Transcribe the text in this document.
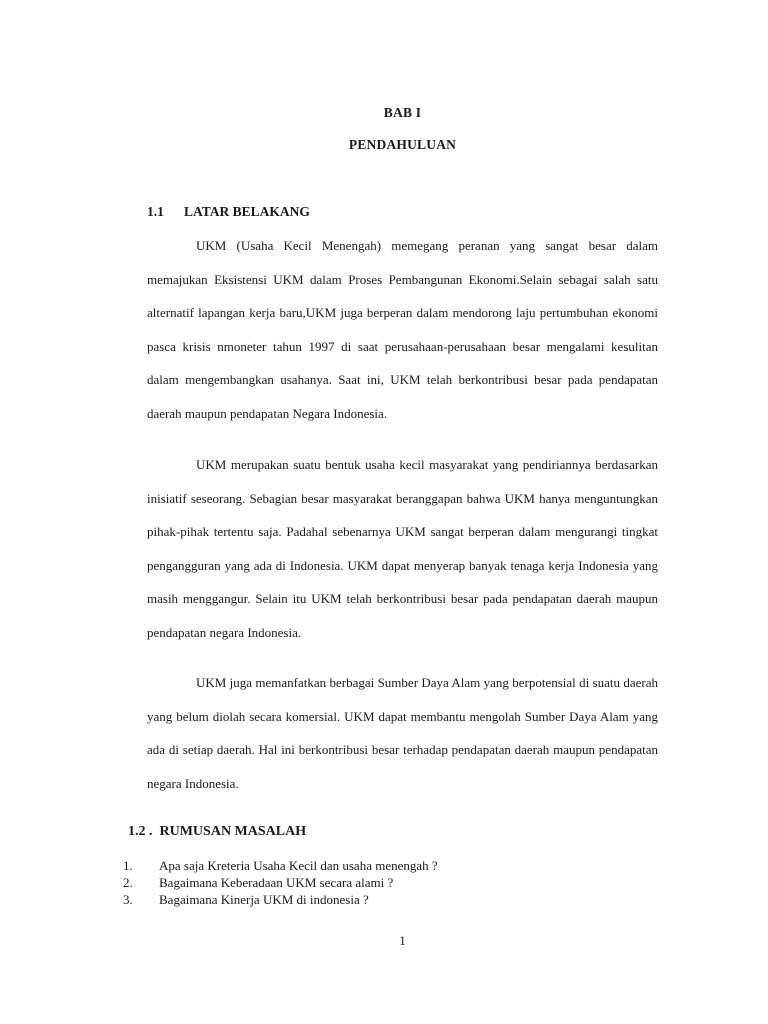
BAB I
PENDAHULUAN
1.1 LATAR BELAKANG

UKM (Usaha Kecil Menengah) memegang peranan yang sangat besar dalam memajukan Eksistensi UKM dalam Proses Pembangunan Ekonomi.Selain sebagai salah satu alternatif lapangan kerja baru,UKM juga berperan dalam mendorong laju pertumbuhan ekonomi pasca krisis nmoneter tahun 1997 di saat perusahaan-perusahaan besar mengalami kesulitan dalam mengembangkan usahanya. Saat ini, UKM telah berkontribusi besar pada pendapatan daerah maupun pendapatan Negara Indonesia.

UKM merupakan suatu bentuk usaha kecil masyarakat yang pendiriannya berdasarkan inisiatif seseorang. Sebagian besar masyarakat beranggapan bahwa UKM hanya menguntungkan pihak-pihak tertentu saja. Padahal sebenarnya UKM sangat berperan dalam mengurangi tingkat pengangguran yang ada di Indonesia. UKM dapat menyerap banyak tenaga kerja Indonesia yang masih menggangur. Selain itu UKM telah berkontribusi besar pada pendapatan daerah maupun pendapatan negara Indonesia.

UKM juga memanfatkan berbagai Sumber Daya Alam yang berpotensial di suatu daerah yang belum diolah secara komersial. UKM dapat membantu mengolah Sumber Daya Alam yang ada di setiap daerah. Hal ini berkontribusi besar terhadap pendapatan daerah maupun pendapatan negara Indonesia.

1.2 .  RUMUSAN MASALAH
1. Apa saja Kreteria Usaha Kecil dan usaha menengah ?
2. Bagaimana Keberadaan UKM secara alami ?
3. Bagaimana Kinerja UKM di indonesia ?
1
